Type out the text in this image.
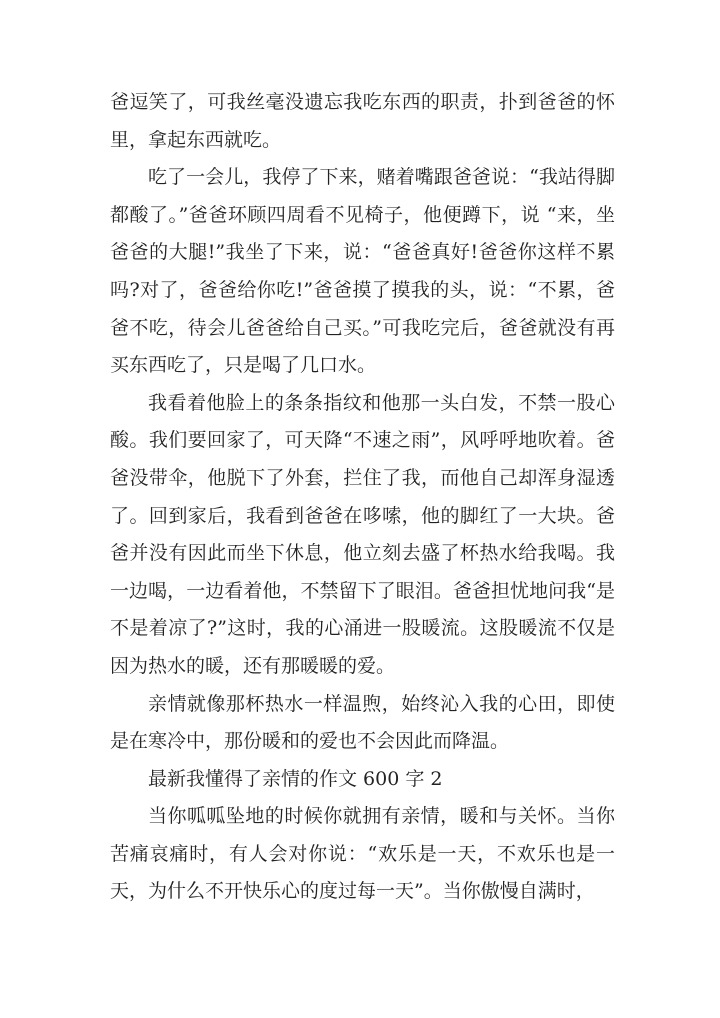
爸逗笑了，可我丝毫没遗忘我吃东西的职责，扑到爸爸的怀里，拿起东西就吃。

吃了一会儿，我停了下来，赌着嘴跟爸爸说：“我站得脚都酸了。”爸爸环顾四周看不见椅子，他便蹲下，说 “来，坐爸爸的大腿!”我坐了下来，说：“爸爸真好!爸爸你这样不累吗?对了，爸爸给你吃!”爸爸摸了摸我的头，说：“不累，爸爸不吃，待会儿爸爸给自己买。”可我吃完后，爸爸就没有再买东西吃了，只是喝了几口水。

我看着他脸上的条条指纹和他那一头白发，不禁一股心酸。我们要回家了，可天降“不速之雨”，风呼呼地吹着。爸爸没带伞，他脱下了外套，拦住了我，而他自己却浑身湿透了。回到家后，我看到爸爸在哆嗦，他的脚红了一大块。爸爸并没有因此而坐下休息，他立刻去盛了杯热水给我喝。我一边喝，一边看着他，不禁留下了眼泪。爸爸担忧地问我“是不是着凉了?”这时，我的心涌进一股暖流。这股暖流不仅是因为热水的暖，还有那暖暖的爱。

亲情就像那杯热水一样温煦，始终沁入我的心田，即使是在寒冷中，那份暖和的爱也不会因此而降温。

最新我懂得了亲情的作文 600 字 2

当你呱呱坠地的时候你就拥有亲情，暖和与关怀。当你苦痛哀痛时，有人会对你说：“欢乐是一天，不欢乐也是一天，为什么不开快乐心的度过每一天”。当你傲慢自满时，
